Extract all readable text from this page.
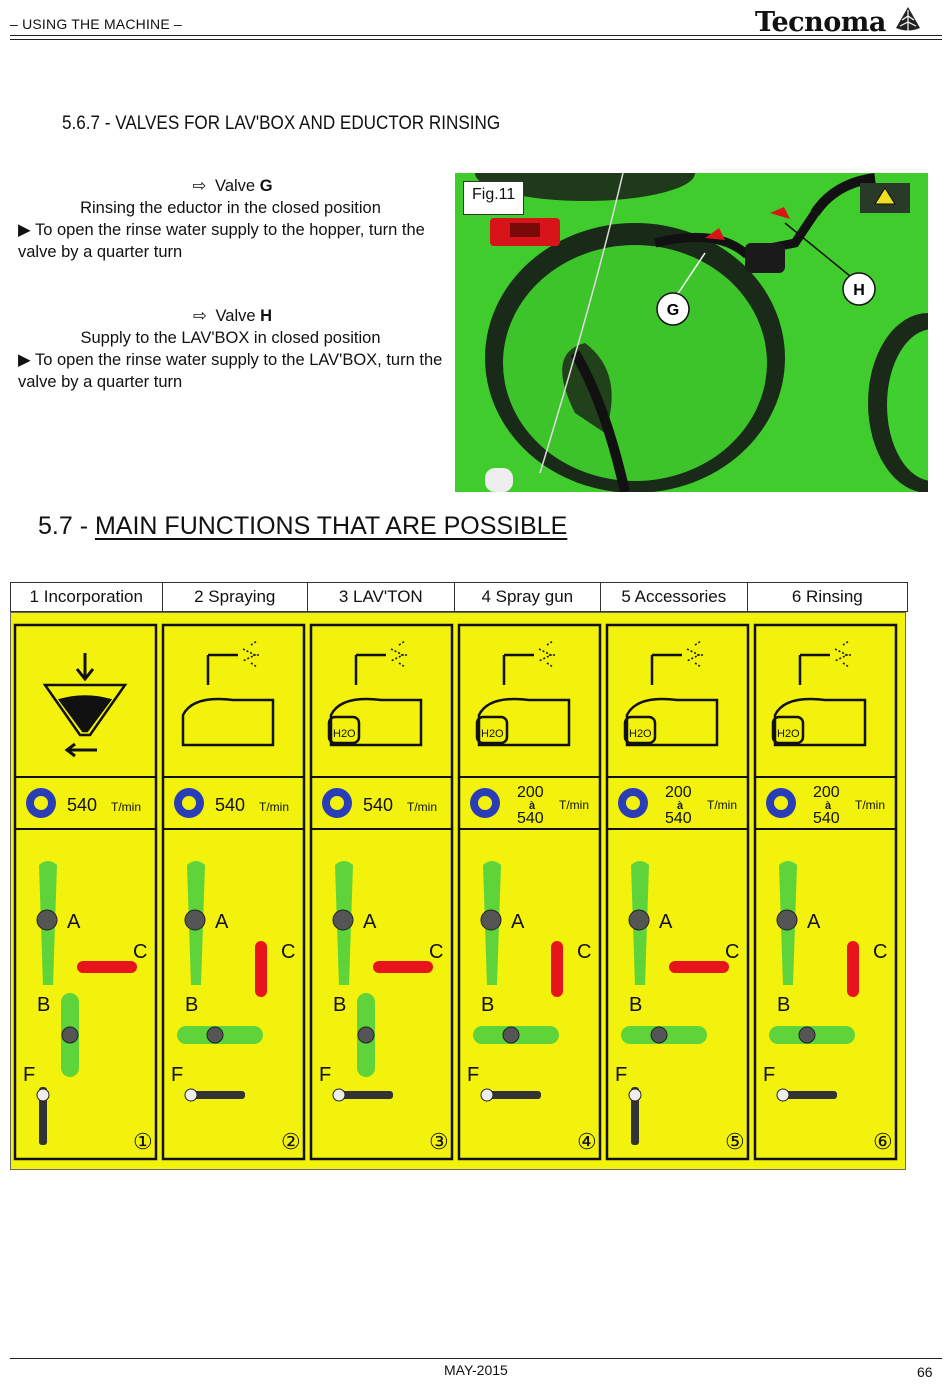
– USING THE MACHINE –	Tecnoma
5.6.7 - VALVES FOR LAV'BOX AND EDUCTOR RINSING
⇨ Valve G
Rinsing the eductor in the closed position
▶ To open the rinse water supply to the hopper, turn the valve by a quarter turn
⇨ Valve H
Supply to the LAV'BOX in closed position
▶ To open the rinse water supply to the LAV'BOX, turn the valve by a quarter turn
G
H
Fig.11
5.7 - MAIN FUNCTIONS THAT ARE POSSIBLE
1 Incorporation	2 Spraying	3 LAV'TON	4 Spray gun	5 Accessories	6 Rinsing
540 T/min
A
C
B
F
①
540 T/min
A
C
B
F
②
H2O
540 T/min
A
C
B
F
③
H2O
200
à
540
T/min
A
C
B
F
④
H2O
200
à
540
T/min
A
C
B
F
⑤
H2O
200
à
540
T/min
A
C
B
F
⑥
MAY-2015	66
